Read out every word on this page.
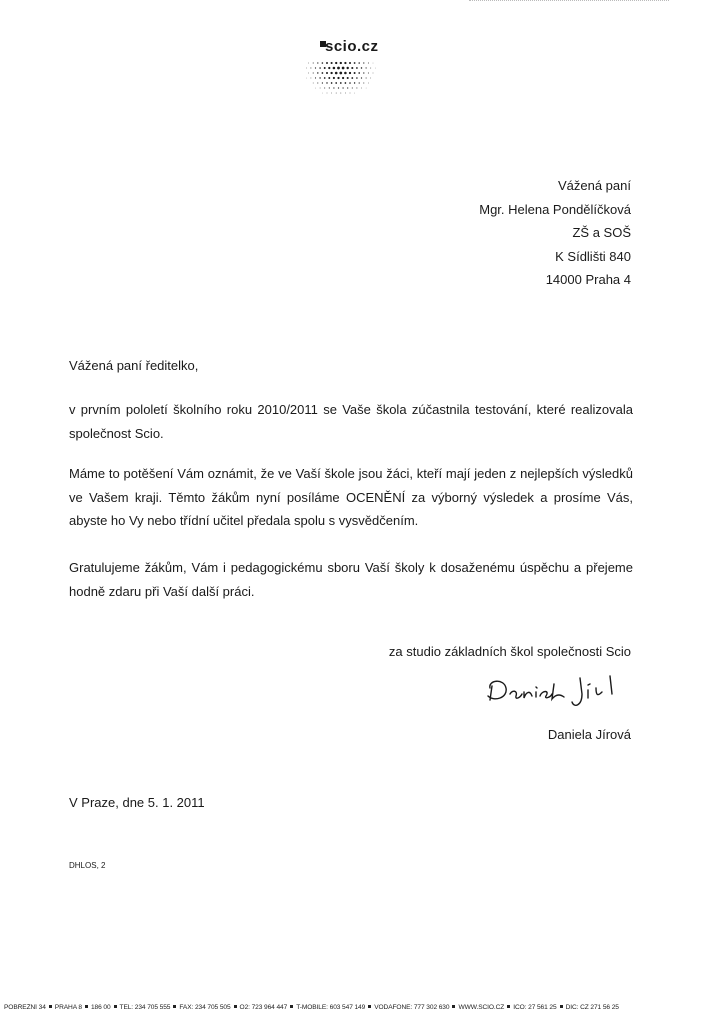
scio.cz
Vážená paní
Mgr. Helena Pondělíčková
ZŠ a SOŠ
K Sídlišti 840
14000 Praha 4
Vážená paní ředitelko,
v prvním pololetí školního roku 2010/2011 se Vaše škola zúčastnila testování, které realizovala společnost Scio.
Máme to potěšení Vám oznámit, že ve Vaší škole jsou žáci, kteří mají jeden z nejlepších výsledků ve Vašem kraji. Těmto žákům nyní posíláme OCENĚNÍ za výborný výsledek a prosíme Vás, abyste ho Vy nebo třídní učitel předala spolu s vysvědčením.
Gratulujeme žákům, Vám i pedagogickému sboru Vaší školy k dosaženému úspěchu a přejeme hodně zdaru při Vaší další práci.
za studio základních škol společnosti Scio
Daniela Jírová
V Praze, dne 5. 1. 2011
DHLOS, 2
POBŘEŽNÍ 34 PRAHA 8 186 00 TEL: 234 705 555 FAX: 234 705 505 O2: 723 964 447 T-MOBILE: 603 547 149 VODAFONE: 777 302 630 WWW.SCIO.CZ IČO: 27 561 25 DIČ: CZ 271 56 25
